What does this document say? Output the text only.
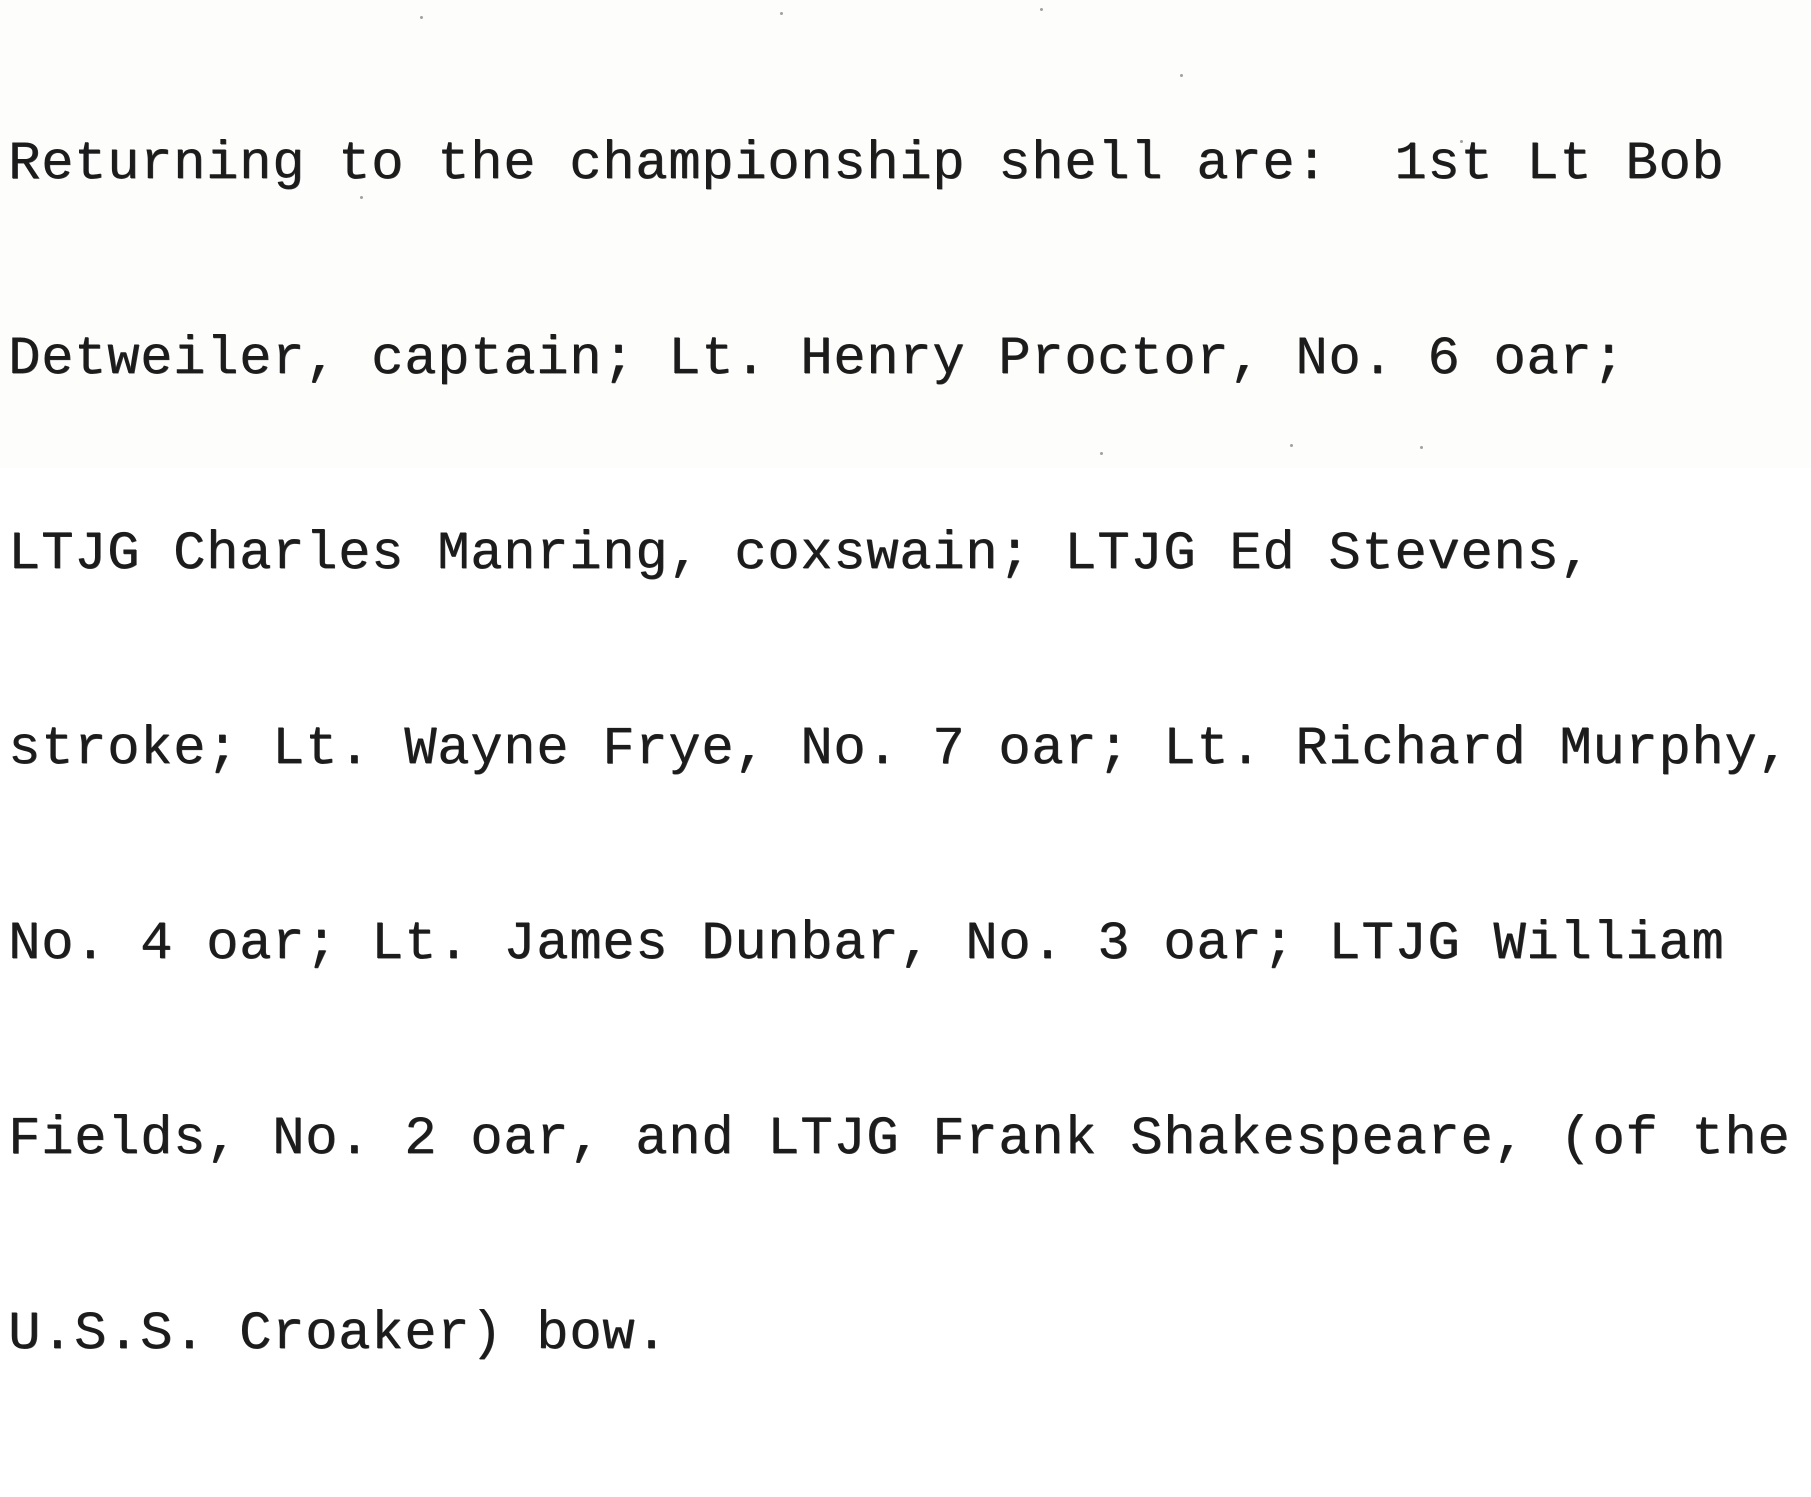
Returning to the championship shell are:  1st Lt Bob

Detweiler, captain; Lt. Henry Proctor, No. 6 oar;

LTJG Charles Manring, coxswain; LTJG Ed Stevens,

stroke; Lt. Wayne Frye, No. 7 oar; Lt. Richard Murphy,

No. 4 oar; Lt. James Dunbar, No. 3 oar; LTJG William

Fields, No. 2 oar, and LTJG Frank Shakespeare, (of the

U.S.S. Croaker) bow.
